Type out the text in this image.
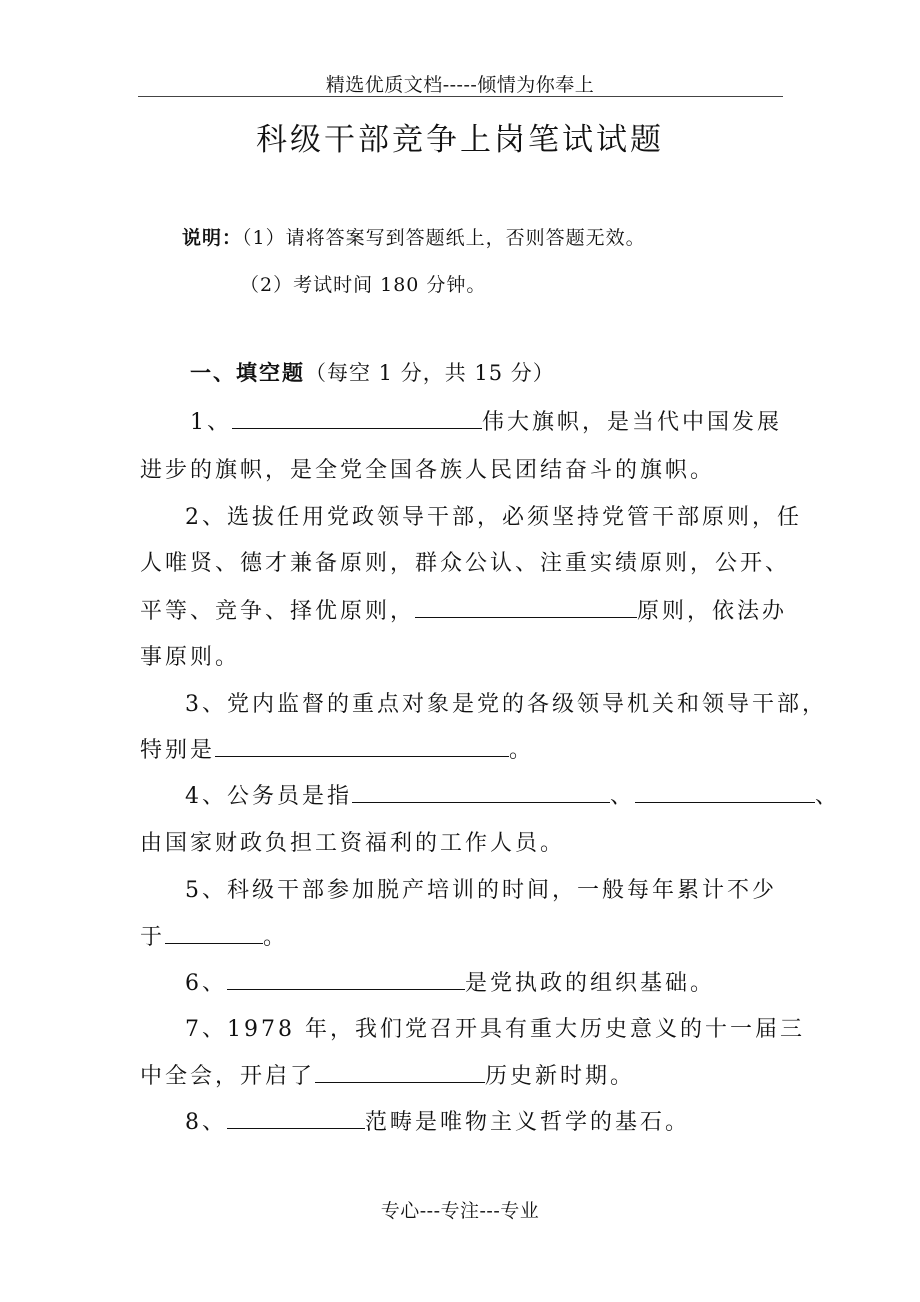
精选优质文档-----倾情为你奉上
科级干部竞争上岗笔试试题
说明：（1）请将答案写到答题纸上，否则答题无效。
（2）考试时间 180 分钟。
一、填空题（每空 1 分，共 15 分）
1、	伟大旗帜，是当代中国发展
进步的旗帜，是全党全国各族人民团结奋斗的旗帜。
2、选拔任用党政领导干部，必须坚持党管干部原则，任
人唯贤、德才兼备原则，群众公认、注重实绩原则，公开、
平等、竞争、择优原则，	原则，依法办
事原则。
3、党内监督的重点对象是党的各级领导机关和领导干部，
特别是	。
4、公务员是指	、	、
由国家财政负担工资福利的工作人员。
5、科级干部参加脱产培训的时间，一般每年累计不少
于	。
6、	是党执政的组织基础。
7、1978 年，我们党召开具有重大历史意义的十一届三
中全会，开启了	历史新时期。
8、	范畴是唯物主义哲学的基石。
专心---专注---专业
